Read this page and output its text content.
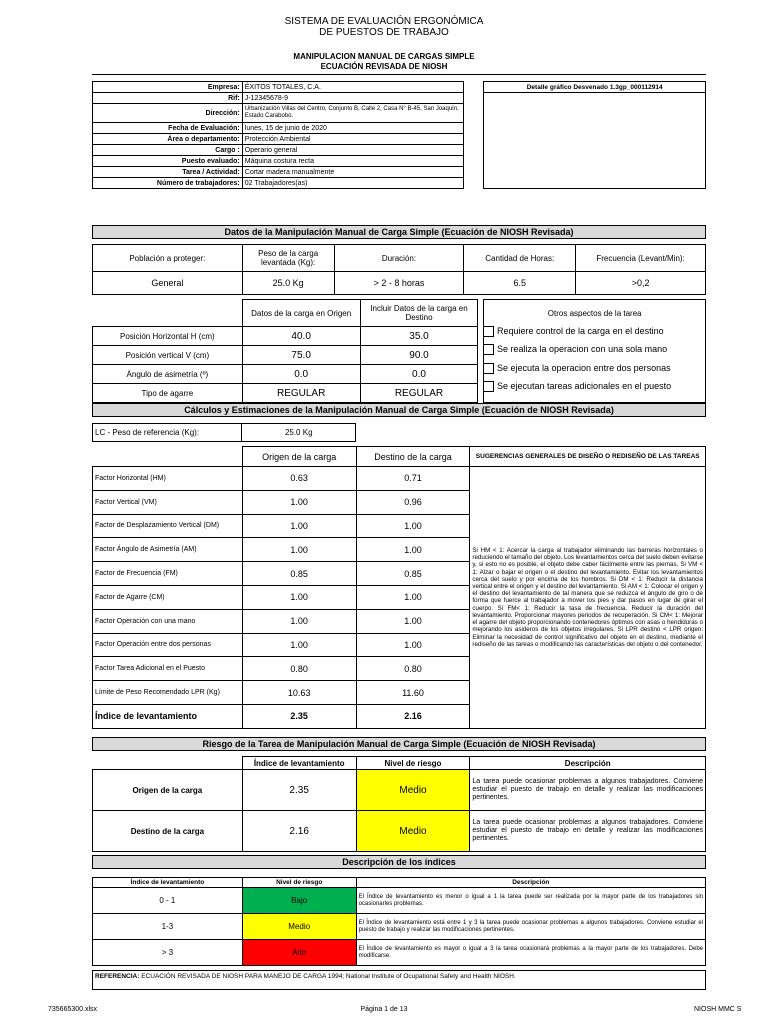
SISTEMA DE EVALUACIÓN ERGONÓMICA
DE PUESTOS DE TRABAJO
MANIPULACION MANUAL DE CARGAS SIMPLE
ECUACIÓN REVISADA DE NIOSH
Empresa:	ÉXITOS TOTALES, C.A.		Detalle gráfico Desvenado 1.3gp_000112914
Rif:	J-12345678-9		
Dirección:	Urbanización Villas del Centro, Conjunto B, Calle 2, Casa N° B-45, San Joaquín, Estado Carabobo.		
Fecha de Evaluación:	lunes, 15 de junio de 2020		
Área o departamento:	Protección Ambiental		
Cargo :	Operario general		
Puesto evaluado:	Máquina costura recta		
Tarea / Actividad:	Cortar madera manualmente		
Número de trabajadores:	02 Trabajadores(as)		
Datos de la Manipulación Manual de Carga Simple (Ecuación de NIOSH Revisada)
Población a proteger:	Peso de la carga levantada (Kg):	Duración:	Cantidad de Horas:	Frecuencia (Levant/Min):
General	25.0 Kg	> 2 - 8 horas	6.5	>0,2
	Datos de la carga en Origen	Incluir Datos de la carga en Destino		Otros aspectos de la tarea
Posición Horizontal H (cm)	40.0	35.0		
Posición vertical V (cm)	75.0	90.0		
Ángulo de asimetría (º)	0.0	0.0		
Tipo de agarre	REGULAR	REGULAR		
Requiere control de la carga en el destino
Se realiza la operacion con una sola mano
Se ejecuta la operacion entre dos personas
Se ejecutan tareas adicionales en el puesto
Cálculos y Estimaciones de la Manipulación Manual de Carga Simple (Ecuación de NIOSH Revisada)
LC - Peso de referencia (Kg):	25.0 Kg
	Origen de la carga	Destino de la carga	SUGERENCIAS GENERALES DE DISEÑO O REDISEÑO DE LAS TAREAS
Factor Horizontal (HM)	0.63	0.71	Si HM < 1: Acercar la carga al trabajador eliminando las barreras horizontales o reduciendo el tamaño del objeto. Los levantamientos cerca del suelo deben evitarse y, si esto no es posible, el objeto debe caber fácilmente entre las piernas. Si VM < 1: Alzar o bajar el origen o el destino del levantamiento. Evitar los levantamientos cerca del suelo y por encima de los hombros. Si DM < 1: Reducir la distancia vertical entre el origen y el destino del levantamiento. Si AM < 1: Colocar el origen y el destino del levantamiento de tal manera que se reduzca el ángulo de giro o de forma que fuerce al trabajador a mover los pies y dar pasos en lugar de girar el cuerpo. Si FM< 1: Reducir la tasa de frecuencia. Reducir la duración del levantamiento. Proporcionar mayores periodos de recuperación. Si CM< 1: Mejorar el agarre del objeto proporcionando contenedores óptimos con asas o hendiduras o mejorando los asideros de los objetos irregulares. Si LPR destino < LPR origen: Eliminar la necesidad de control significativo del objeto en el destino, mediante el rediseño de las tareas o modificando las características del objeto o del contenedor.
Factor Vertical (VM)	1.00	0.96	
Factor de Desplazamiento Vertical (DM)	1.00	1.00	
Factor Ángulo de Asimetría (AM)	1.00	1.00	
Factor de Frecuencia (FM)	0.85	0.85	
Factor de Agarre (CM)	1.00	1.00	
Factor Operación con una mano	1.00	1.00	
Factor Operación entre dos personas	1.00	1.00	
Factor Tarea Adicional en el Puesto	0.80	0.80	
Límite de Peso Recomendado LPR (Kg)	10.63	11.60	
Índice de levantamiento	2.35	2.16	
Riesgo de la Tarea de Manipulación Manual de Carga Simple (Ecuación de NIOSH Revisada)
	Índice de levantamiento	Nivel de riesgo	Descripción
Origen de la carga	2.35	Medio	La tarea puede ocasionar problemas a algunos trabajadores. Conviene estudiar el puesto de trabajo en detalle y realizar las modificaciones pertinentes.
Destino de la carga	2.16	Medio	La tarea puede ocasionar problemas a algunos trabajadores. Conviene estudiar el puesto de trabajo en detalle y realizar las modificaciones pertinentes.
Descripción de los índices
Índice de levantamiento	Nivel de riesgo	Descripción
0 - 1	Bajo	El Índice de levantamiento es menor o igual a 1 la tarea puede ser realizada por la mayor parte de los trabajadores sin ocasionarles problemas.
1-3	Medio	El Índice de levantamiento está entre 1 y 3 la tarea puede ocasionar problemas a algunos trabajadores. Conviene estudiar el puesto de trabajo y realizar las modificaciones pertinentes.
> 3	Alto	El Índice de levantamiento es mayor o igual a 3 la tarea ocasionará problemas a la mayor parte de los trabajadores. Debe modificarse.
REFERENCIA: ECUACIÓN REVISADA DE NIOSH PARA MANEJO DE CARGA 1994; National Institute of Ocupational Safety and Health NIOSH.
735665300.xlsx	Página 1 de 13	NIOSH MMC S
